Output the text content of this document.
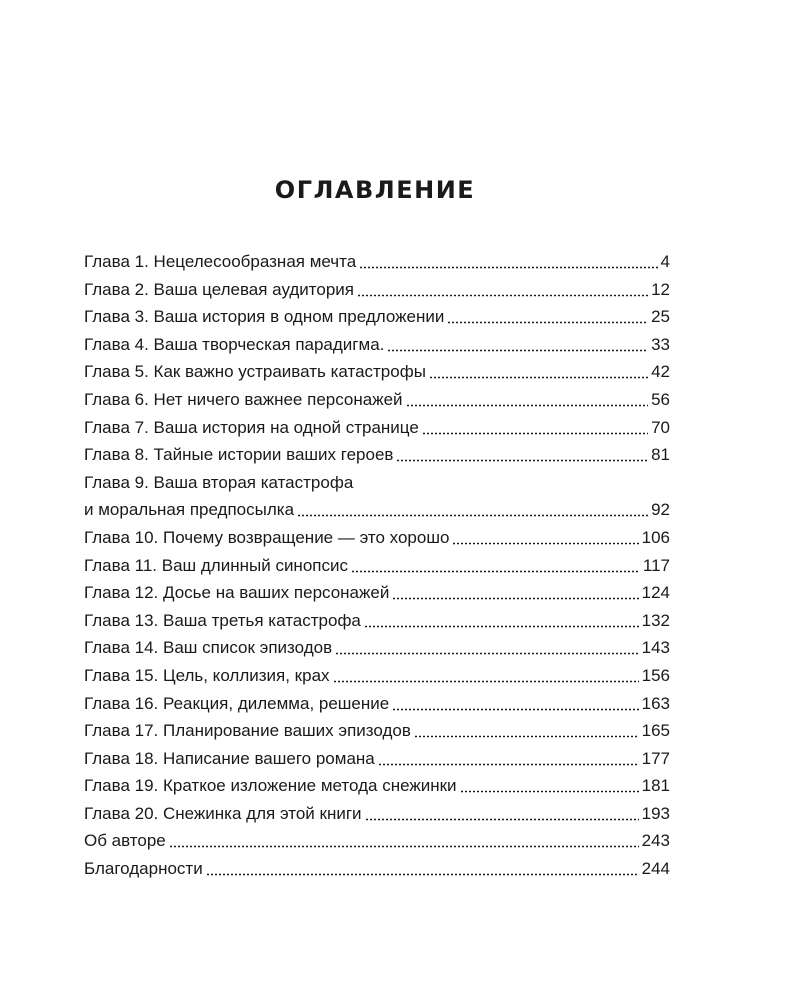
ОГЛАВЛЕНИЕ
Глава 1. Нецелесообразная мечта	4
Глава 2. Ваша целевая аудитория	12
Глава 3. Ваша история в одном предложении	25
Глава 4. Ваша творческая парадигма.	33
Глава 5. Как важно устраивать катастрофы	42
Глава 6. Нет ничего важнее персонажей	56
Глава 7. Ваша история на одной странице	70
Глава 8. Тайные истории ваших героев	81
Глава 9. Ваша вторая катастрофа
и моральная предпосылка	92
Глава 10. Почему возвращение — это хорошо	106
Глава 11. Ваш длинный синопсис	117
Глава 12. Досье на ваших персонажей	124
Глава 13. Ваша третья катастрофа	132
Глава 14. Ваш список эпизодов	143
Глава 15. Цель, коллизия, крах	156
Глава 16. Реакция, дилемма, решение	163
Глава 17. Планирование ваших эпизодов	165
Глава 18. Написание вашего романа	177
Глава 19. Краткое изложение метода снежинки	181
Глава 20. Снежинка для этой книги	193
Об авторе	243
Благодарности	244
